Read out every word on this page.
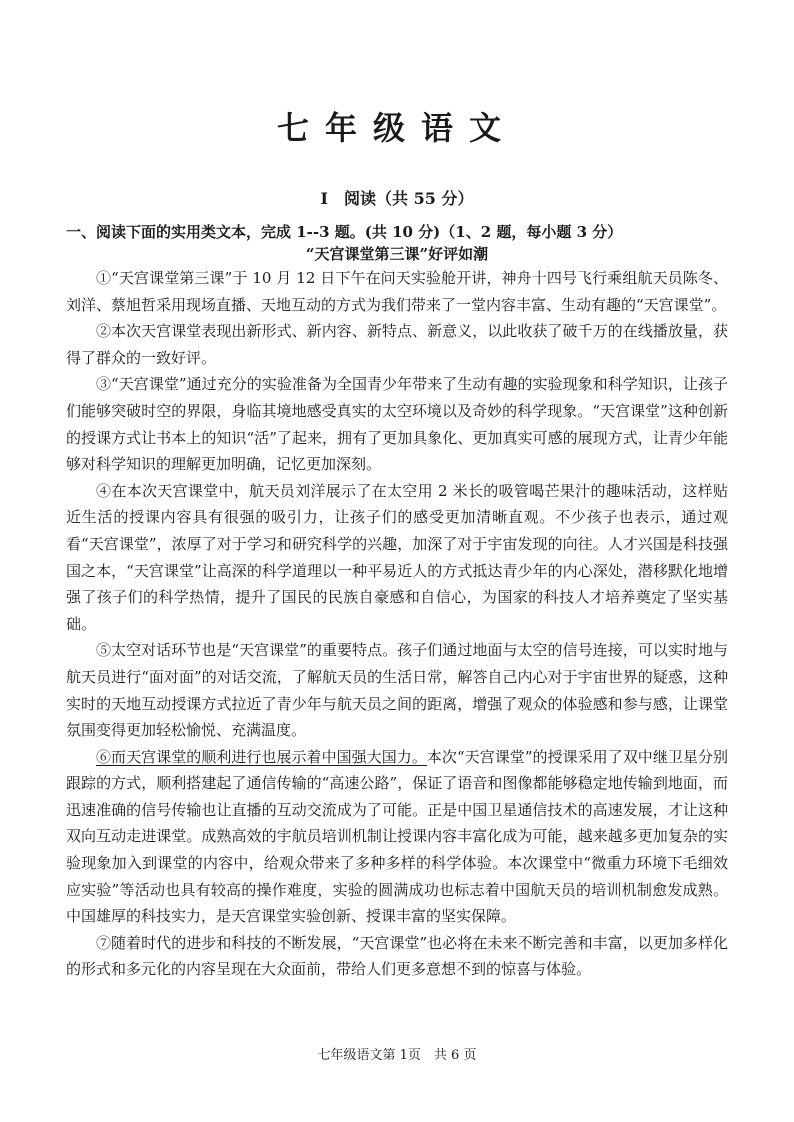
七年级语文
I　阅读（共 55 分）
一、阅读下面的实用类文本，完成 1--3 题。(共 10 分)（1、2 题，每小题 3 分）
“天宫课堂第三课”好评如潮

①“天宫课堂第三课”于 10 月 12 日下午在问天实验舱开讲，神舟十四号飞行乘组航天员陈冬、刘洋、蔡旭哲采用现场直播、天地互动的方式为我们带来了一堂内容丰富、生动有趣的“天宫课堂”。

②本次天宫课堂表现出新形式、新内容、新特点、新意义，以此收获了破千万的在线播放量，获得了群众的一致好评。

③“天宫课堂”通过充分的实验准备为全国青少年带来了生动有趣的实验现象和科学知识，让孩子们能够突破时空的界限，身临其境地感受真实的太空环境以及奇妙的科学现象。“天宫课堂”这种创新的授课方式让书本上的知识“活”了起来，拥有了更加具象化、更加真实可感的展现方式，让青少年能够对科学知识的理解更加明确，记忆更加深刻。

④在本次天宫课堂中，航天员刘洋展示了在太空用 2 米长的吸管喝芒果汁的趣味活动，这样贴近生活的授课内容具有很强的吸引力，让孩子们的感受更加清晰直观。不少孩子也表示，通过观看“天宫课堂”，浓厚了对于学习和研究科学的兴趣，加深了对于宇宙发现的向往。人才兴国是科技强国之本，“天宫课堂”让高深的科学道理以一种平易近人的方式抵达青少年的内心深处，潜移默化地增强了孩子们的科学热情，提升了国民的民族自豪感和自信心，为国家的科技人才培养奠定了坚实基础。

⑤太空对话环节也是“天宫课堂”的重要特点。孩子们通过地面与太空的信号连接，可以实时地与航天员进行“面对面”的对话交流，了解航天员的生活日常，解答自己内心对于宇宙世界的疑惑，这种实时的天地互动授课方式拉近了青少年与航天员之间的距离，增强了观众的体验感和参与感，让课堂氛围变得更加轻松愉悦、充满温度。

⑥而天宫课堂的顺利进行也展示着中国强大国力。本次“天宫课堂”的授课采用了双中继卫星分别跟踪的方式，顺利搭建起了通信传输的“高速公路”，保证了语音和图像都能够稳定地传输到地面，而迅速准确的信号传输也让直播的互动交流成为了可能。正是中国卫星通信技术的高速发展，才让这种双向互动走进课堂。成熟高效的宇航员培训机制让授课内容丰富化成为可能，越来越多更加复杂的实验现象加入到课堂的内容中，给观众带来了多种多样的科学体验。本次课堂中“微重力环境下毛细效应实验”等活动也具有较高的操作难度，实验的圆满成功也标志着中国航天员的培训机制愈发成熟。中国雄厚的科技实力，是天宫课堂实验创新、授课丰富的坚实保障。

⑦随着时代的进步和科技的不断发展，“天宫课堂”也必将在未来不断完善和丰富，以更加多样化的形式和多元化的内容呈现在大众面前，带给人们更多意想不到的惊喜与体验。

七年级语文第 1页　共 6 页
